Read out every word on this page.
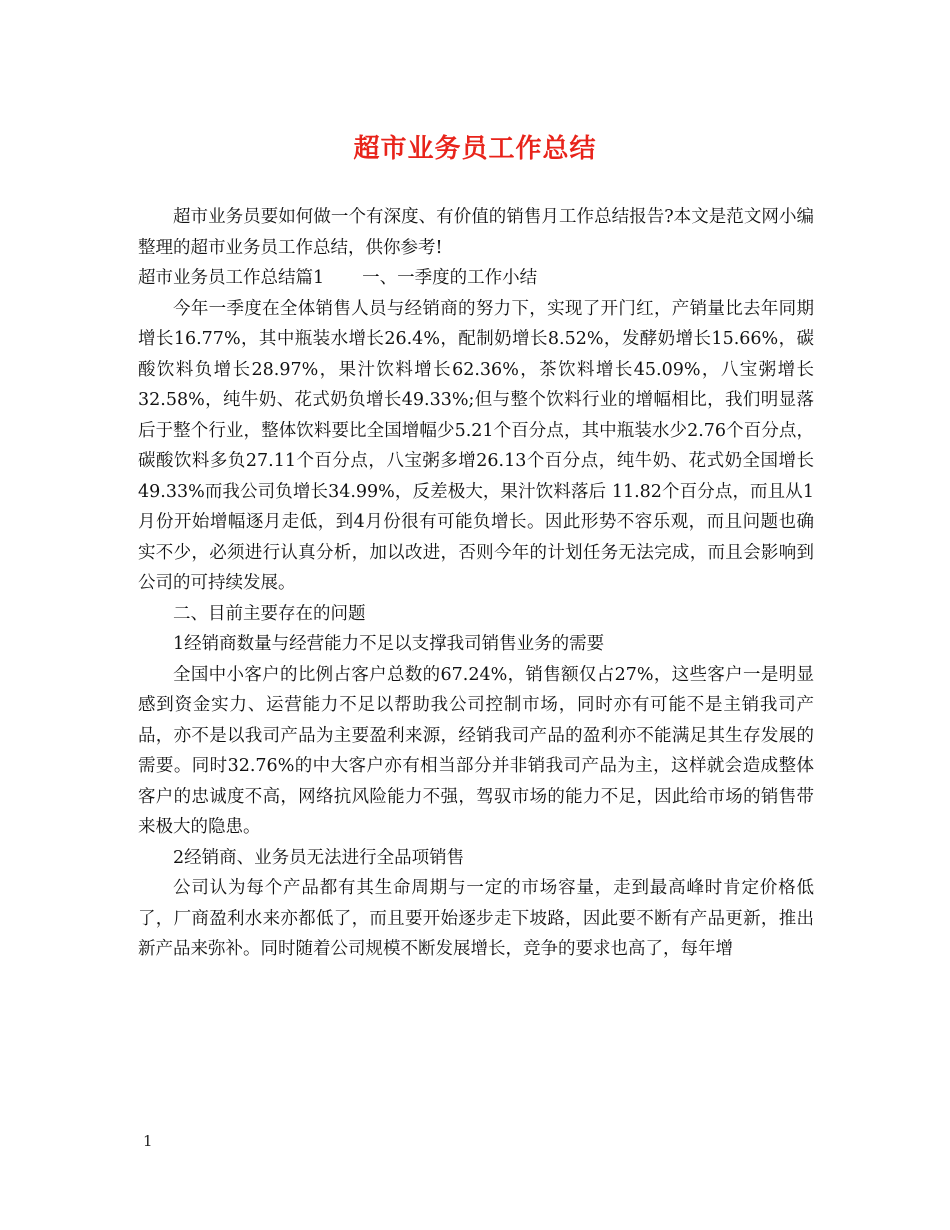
超市业务员工作总结

超市业务员要如何做一个有深度、有价值的销售月工作总结报告?本文是范文网小编整理的超市业务员工作总结，供你参考!

超市业务员工作总结篇1 一、一季度的工作小结

今年一季度在全体销售人员与经销商的努力下，实现了开门红，产销量比去年同期增长16.77%，其中瓶装水增长26.4%，配制奶增长8.52%，发酵奶增长15.66%，碳酸饮料负增长28.97%，果汁饮料增长62.36%，茶饮料增长45.09%，八宝粥增长32.58%，纯牛奶、花式奶负增长49.33%;但与整个饮料行业的增幅相比，我们明显落后于整个行业，整体饮料要比全国增幅少5.21个百分点，其中瓶装水少2.76个百分点，碳酸饮料多负27.11个百分点，八宝粥多增26.13个百分点，纯牛奶、花式奶全国增长49.33%而我公司负增长34.99%，反差极大，果汁饮料落后 11.82个百分点，而且从1月份开始增幅逐月走低，到4月份很有可能负增长。因此形势不容乐观，而且问题也确实不少，必须进行认真分析，加以改进，否则今年的计划任务无法完成，而且会影响到公司的可持续发展。

二、目前主要存在的问题

1经销商数量与经营能力不足以支撑我司销售业务的需要

全国中小客户的比例占客户总数的67.24%，销售额仅占27%，这些客户一是明显感到资金实力、运营能力不足以帮助我公司控制市场，同时亦有可能不是主销我司产品，亦不是以我司产品为主要盈利来源，经销我司产品的盈利亦不能满足其生存发展的需要。同时32.76%的中大客户亦有相当部分并非销我司产品为主，这样就会造成整体客户的忠诚度不高，网络抗风险能力不强，驾驭市场的能力不足，因此给市场的销售带来极大的隐患。

2经销商、业务员无法进行全品项销售

公司认为每个产品都有其生命周期与一定的市场容量，走到最高峰时肯定价格低了，厂商盈利水来亦都低了，而且要开始逐步走下坡路，因此要不断有产品更新，推出新产品来弥补。同时随着公司规模不断发展增长，竞争的要求也高了，每年增

1
